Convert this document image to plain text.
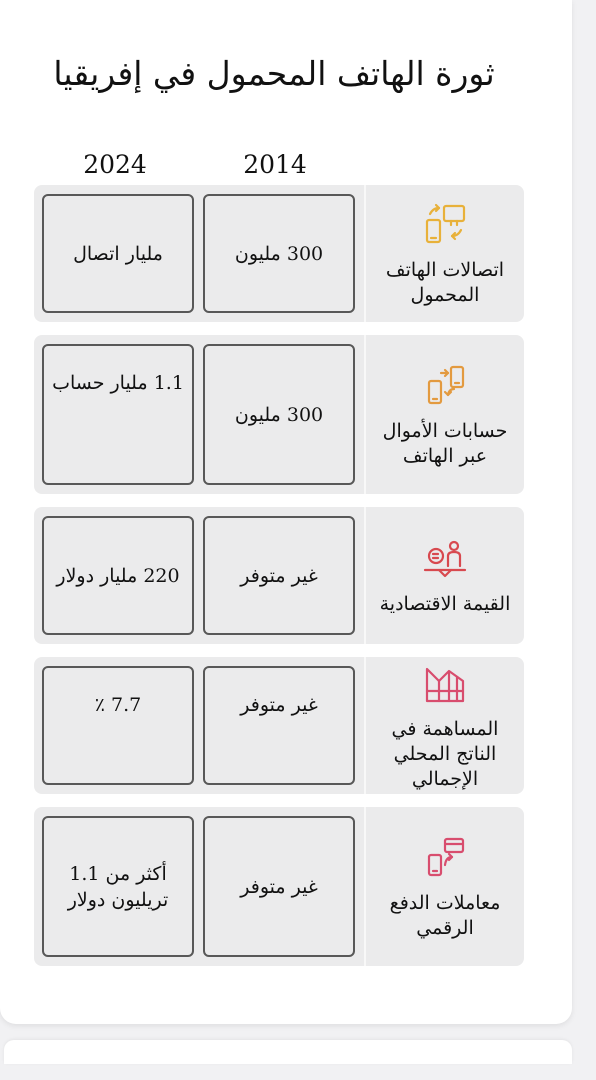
ثورة الهاتف المحمول في إفريقيا
2014
2024
اتصالات الهاتف المحمول
300 مليون
مليار اتصال
حسابات الأموال عبر الهاتف
300 مليون
1.1 مليار حساب
القيمة الاقتصادية
غير متوفر
220 مليار دولار
المساهمة في الناتج المحلي الإجمالي
غير متوفر
7.7 ٪
معاملات الدفع الرقمي
غير متوفر
أكثر من 1.1 تريليون دولار
